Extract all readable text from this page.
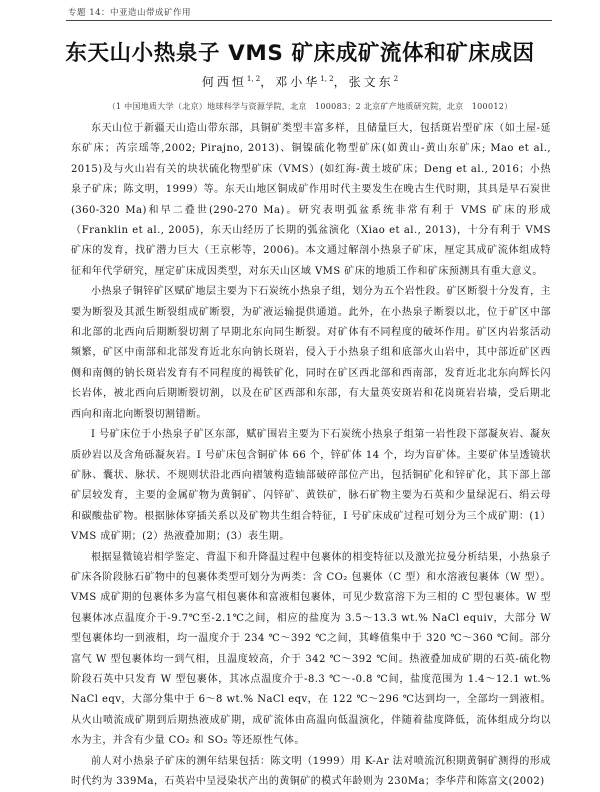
专题 14：中亚造山带成矿作用
东天山小热泉子 VMS 矿床成矿流体和矿床成因
何西恒$^{1, 2}$，邓小华$^{1, 2}$，张文东$^2$
（1 中国地质大学（北京）地球科学与资源学院，北京　100083；2 北京矿产地质研究院，北京　100012）

东天山位于新疆天山造山带东部，具铜矿类型丰富多样，且储量巨大，包括斑岩型矿床（如土屋-延东矿床；芮宗瑶等,2002; Pirajno, 2013)、铜镍硫化物型矿床(如黄山-黄山东矿床; Mao et al., 2015)及与火山岩有关的块状硫化物型矿床（VMS）(如红海-黄土坡矿床；Deng et al., 2016；小热泉子矿床；陈文明，1999）等。东天山地区铜成矿作用时代主要发生在晚古生代时期，其具是早石炭世(360-320 Ma)和早二叠世(290-270 Ma)。研究表明弧盆系统非常有利于 VMS 矿床的形成（Franklin et al., 2005)，东天山经历了长期的弧盆演化（Xiao et al., 2013)，十分有利于 VMS 矿床的发育，找矿潜力巨大（王京彬等，2006)。本文通过解剖小热泉子矿床，厘定其成矿流体组成特征和年代学研究，厘定矿床成因类型，对东天山区域 VMS 矿床的地质工作和矿床预测具有重大意义。

小热泉子铜锌矿区赋矿地层主要为下石炭统小热泉子组，划分为五个岩性段。矿区断裂十分发育，主要为断裂及其派生断裂组成矿断裂，为矿液运输提供通道。此外，在小热泉子断裂以北，位于矿区中部和北部的北西向后期断裂切割了早期北东向同生断裂。对矿体有不同程度的破坏作用。矿区内岩浆活动频繁，矿区中南部和北部发育近北东向钠长斑岩，侵入于小热泉子组和底部火山岩中，其中部近矿区西侧和南侧的钠长斑岩发育有不同程度的褐铁矿化，同时在矿区西北部和西南部，发育近北北东向辉长闪长岩体，被北西向后期断裂切割，以及在矿区西部和东部，有大量英安斑岩和花岗斑岩岩墙，受后期北西向和南北向断裂切割错断。

I 号矿床位于小热泉子矿区东部，赋矿围岩主要为下石炭统小热泉子组第一岩性段下部凝灰岩、凝灰质砂岩以及含角砾凝灰岩。I 号矿床包含铜矿体 66 个，锌矿体 14 个，均为盲矿体。主要矿体呈透镜状矿脉、囊状、脉状、不规则状沿北西向褶皱构造轴部破碎部位产出，包括铜矿化和锌矿化，其下部上部矿层较发育，主要的金属矿物为黄铜矿、闪锌矿、黄铁矿，脉石矿物主要为石英和少量绿泥石、绢云母和碳酸盐矿物。根据脉体穿插关系以及矿物共生组合特征，I 号矿床成矿过程可划分为三个成矿期：(1）VMS 成矿期；(2）热液叠加期；(3）表生期。

根据显微镜岩相学鉴定、背温下和升降温过程中包裹体的相变特征以及激光拉曼分析结果，小热泉子矿床各阶段脉石矿物中的包裹体类型可划分为两类：含 CO₂ 包裹体（C 型）和水溶液包裹体（W 型）。VMS 成矿期的包裹体多为富气相包裹体和富液相包裹体，可见少数富溶下为三相的 C 型包裹体。W 型包裹体冰点温度介于-9.7℃至-2.1℃之间，相应的盐度为 3.5～13.3 wt.% NaCl equiv，大部分 W 型包裹体均一到液相，均一温度介于 234 ℃～392 ℃之间，其峰值集中于 320 ℃～360 ℃间。部分富气 W 型包裹体均一到气相，且温度较高，介于 342 ℃～392 ℃间。热液叠加成矿期的石英-硫化物阶段石英中只发育 W 型包裹体，其冰点温度介于-8.3 ℃～-0.8 ℃间，盐度范围为 1.4～12.1 wt.% NaCl eqv，大部分集中于 6～8 wt.% NaCl eqv，在 122 ℃～296 ℃达到均一，全部均一到液相。从火山喷流成矿期到后期热液成矿期，成矿流体由高温向低温演化，伴随着盐度降低，流体组成分均以水为主，并含有少量 CO₂ 和 SO₂ 等还原性气体。

前人对小热泉子矿床的测年结果包括：陈文明（1999）用 K-Ar 法对喷流沉积期黄铜矿测得的形成时代约为 339Ma，石英岩中呈浸染状产出的黄铜矿的模式年龄则为 230Ma；李华芹和陈富文(2002)
